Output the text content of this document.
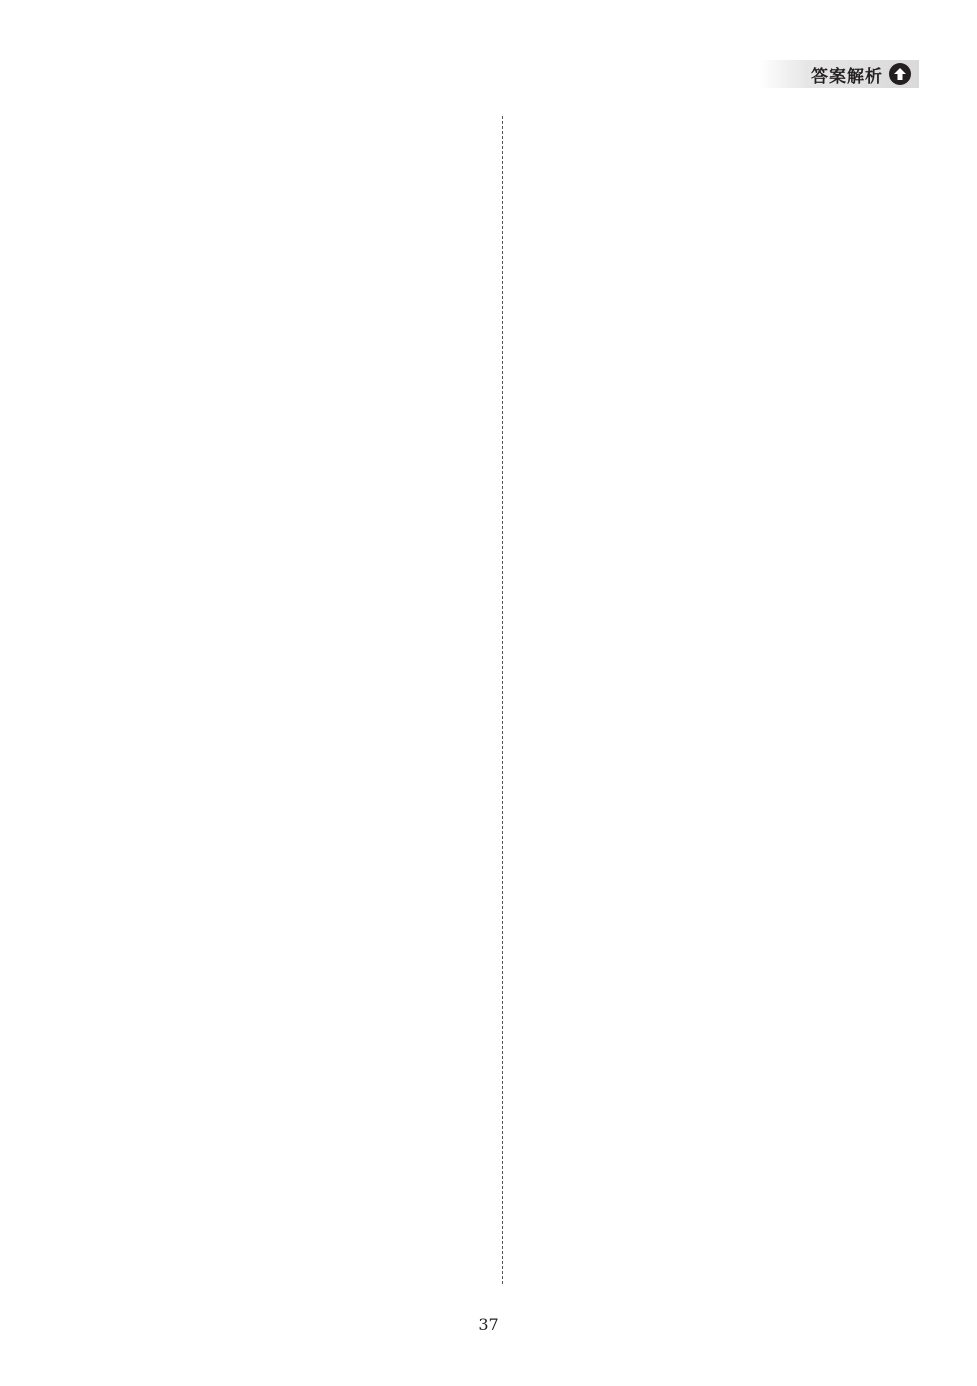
答案解析
37
